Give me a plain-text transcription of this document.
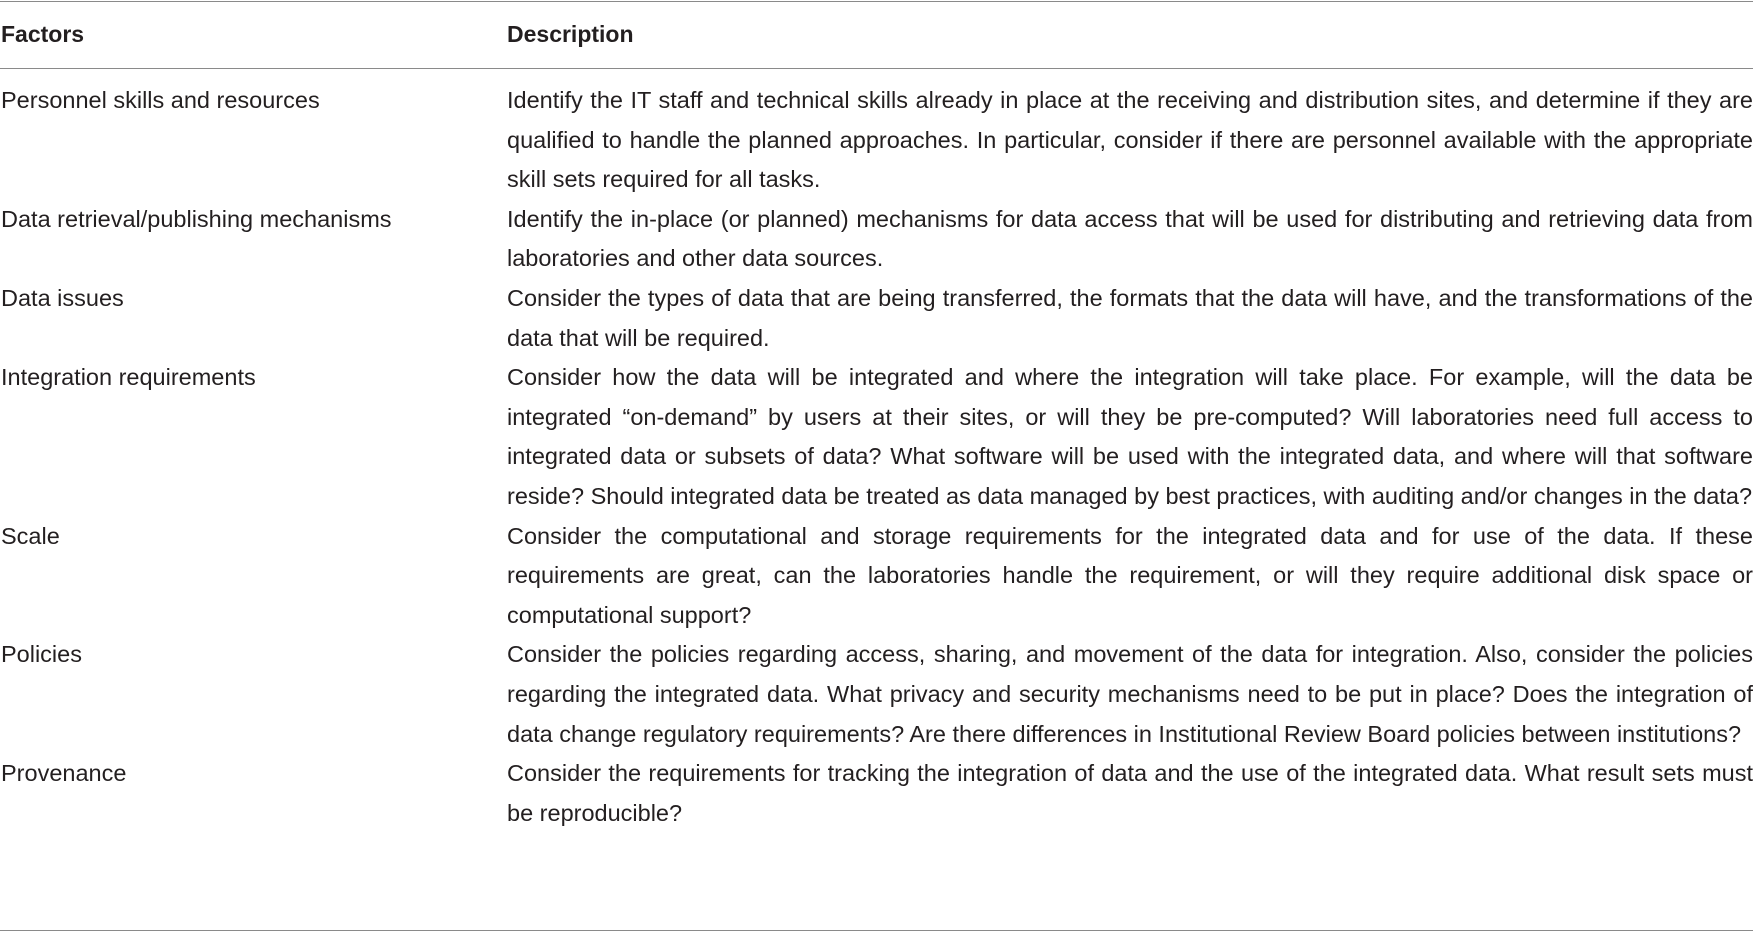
Factors	Description
Personnel skills and resources	Identify the IT staff and technical skills already in place at the receiving and distribution sites, and determine if they are qualified to handle the planned approaches. In particular, consider if there are personnel available with the appropriate skill sets required for all tasks.
Data retrieval/publishing mechanisms	Identify the in-place (or planned) mechanisms for data access that will be used for distributing and retrieving data from laboratories and other data sources.
Data issues	Consider the types of data that are being transferred, the formats that the data will have, and the transformations of the data that will be required.
Integration requirements	Consider how the data will be integrated and where the integration will take place. For example, will the data be integrated “on-demand” by users at their sites, or will they be pre-computed? Will laboratories need full access to integrated data or subsets of data? What software will be used with the integrated data, and where will that software reside? Should integrated data be treated as data managed by best practices, with auditing and/or changes in the data?
Scale	Consider the computational and storage requirements for the integrated data and for use of the data. If these requirements are great, can the laboratories handle the requirement, or will they require additional disk space or computational support?
Policies	Consider the policies regarding access, sharing, and movement of the data for integration. Also, consider the policies regarding the integrated data. What privacy and security mechanisms need to be put in place? Does the integration of data change regulatory requirements? Are there differences in Institutional Review Board policies between institutions?
Provenance	Consider the requirements for tracking the integration of data and the use of the integrated data. What result sets must be reproducible?
